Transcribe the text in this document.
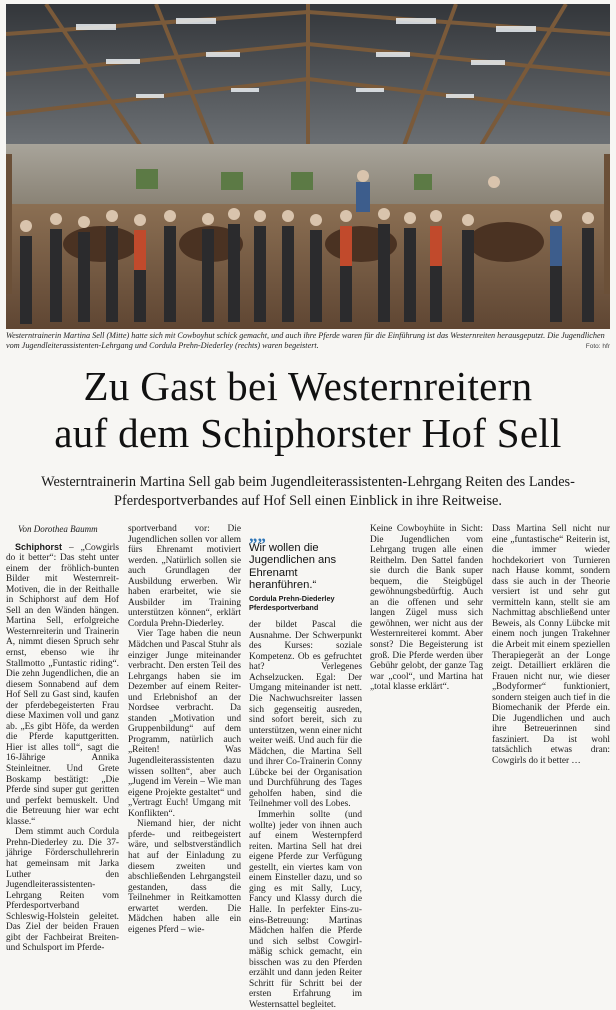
Westerntrainerin Martina Sell (Mitte) hatte sich mit Cowboyhut schick gemacht, und auch ihre Pferde waren für die Einführung ist das Westernreiten herausgeputzt. Die Jugendlichen vom Jugendleiterassistenten-Lehrgang und Cordula Prehn-Diederley (rechts) waren begeistert.	Foto: hfr
Zu Gast bei Westernreitern
auf dem Schiphorster Hof Sell

Westerntrainerin Martina Sell gab beim Jugendleiterassistenten-Lehrgang Reiten des Landes-Pferdesportverbandes auf Hof Sell einen Einblick in ihre Reitweise.

Von Dorothea Baumm

Schiphorst – „Cowgirls do it better“: Das steht unter einem der fröhlich-bunten Bilder mit Westernreit-Motiven, die in der Reithalle in Schiphorst auf dem Hof Sell an den Wänden hängen. Martina Sell, erfolgreiche Westernreiterin und Trainerin A, nimmt diesen Spruch sehr ernst, ebenso wie ihr Stallmotto „Funtastic riding“. Die zehn Jugendlichen, die an diesem Sonnabend auf dem Hof Sell zu Gast sind, kaufen der pferdebegeisterten Frau diese Maximen voll und ganz ab. „Es gibt Höfe, da werden die Pferde kaputtgeritten. Hier ist alles toll“, sagt die 16-Jährige Annika Steinleitner. Und Grete Boskamp bestätigt: „Die Pferde sind super gut geritten und perfekt bemuskelt. Und die Betreuung hier war echt klasse.“

Dem stimmt auch Cordula Prehn-Diederley zu. Die 37-jährige Förderschullehrerin hat gemeinsam mit Jarka Luther den Jugendleiterassistenten-Lehrgang Reiten vom Pferdesportverband Schleswig-Holstein geleitet. Das Ziel der beiden Frauen gibt der Fachbeirat Breiten- und Schulsport im Pferde-

sportverband vor: Die Jugendlichen sollen vor allem fürs Ehrenamt motiviert werden. „Natürlich sollen sie auch Grundlagen der Ausbildung erwerben. Wir haben erarbeitet, wie sie Ausbilder im Training unterstützen können“, erklärt Cordula Prehn-Diederley.

Vier Tage haben die neun Mädchen und Pascal Stuhr als einziger Junge miteinander verbracht. Den ersten Teil des Lehrgangs haben sie im Dezember auf einem Reiter- und Erlebnishof an der Nordsee verbracht. Da standen „Motivation und Gruppenbildung“ auf dem Programm, natürlich auch „Reiten! Was Jugendleiterassistenten dazu wissen sollten“, aber auch „Jugend im Verein – Wie man eigene Projekte gestaltet“ und „Vertragt Euch! Umgang mit Konflikten“.

Niemand hier, der nicht pferde- und reitbegeistert wäre, und selbstverständlich hat auf der Einladung zu diesem zweiten und abschließenden Lehrgangsteil gestanden, dass die Teilnehmer in Reitkamotten erwartet werden. Die Mädchen haben alle ein eigenes Pferd – wie-

„„
Wir wollen die Jugendlichen ans Ehrenamt heranführen.“
Cordula Prehn-Diederley
Pferdesportverband

der bildet Pascal die Ausnahme. Der Schwerpunkt des Kurses: soziale Kompetenz. Ob es gefruchtet hat? Verlegenes Achselzucken. Egal: Der Umgang miteinander ist nett. Die Nachwuchsreiter lassen sich gegenseitig ausreden, sind sofort bereit, sich zu unterstützen, wenn einer nicht weiter weiß. Und auch für die Mädchen, die Martina Sell und ihrer Co-Trainerin Conny Lübcke bei der Organisation und Durchführung des Tages geholfen haben, sind die Teilnehmer voll des Lobes.

Immerhin sollte (und wollte) jeder von ihnen auch auf einem Westernpferd reiten. Martina Sell hat drei eigene Pferde zur Verfügung gestellt, ein viertes kam von einem Einsteller dazu, und so ging es mit Sally, Lucy, Fancy und Klassy durch die Halle. In perfekter Eins-zu-eins-Betreuung: Martinas Mädchen halfen die Pferde und sich selbst Cowgirl-mäßig schick gemacht, ein bisschen was zu den Pferden erzählt und dann jeden Reiter Schritt für Schritt bei der ersten Erfahrung im Westernsattel begleitet.

Keine Cowboyhüte in Sicht: Die Jugendlichen vom Lehrgang trugen alle einen Reithelm. Den Sattel fanden sie durch die Bank super bequem, die Steigbügel gewöhnungsbedürftig. Auch an die offenen und sehr langen Zügel muss sich gewöhnen, wer nicht aus der Westernreiterei kommt. Aber sonst? Die Begeisterung ist groß. Die Pferde werden über Gebühr gelobt, der ganze Tag war „cool“, und Martina hat „total klasse erklärt“.

Dass Martina Sell nicht nur eine „funtastische“ Reiterin ist, die immer wieder hochdekoriert von Turnieren nach Hause kommt, sondern dass sie auch in der Theorie versiert ist und sehr gut vermitteln kann, stellt sie am Nachmittag abschließend unter Beweis, als Conny Lübcke mit einem noch jungen Trakehner die Arbeit mit einem speziellen Therapiegerät an der Longe zeigt. Detailliert erklären die Frauen nicht nur, wie dieser „Bodyformer“ funktioniert, sondern steigen auch tief in die Biomechanik der Pferde ein. Die Jugendlichen und auch ihre Betreuerinnen sind fasziniert. Da ist wohl tatsächlich etwas dran: Cowgirls do it better …
